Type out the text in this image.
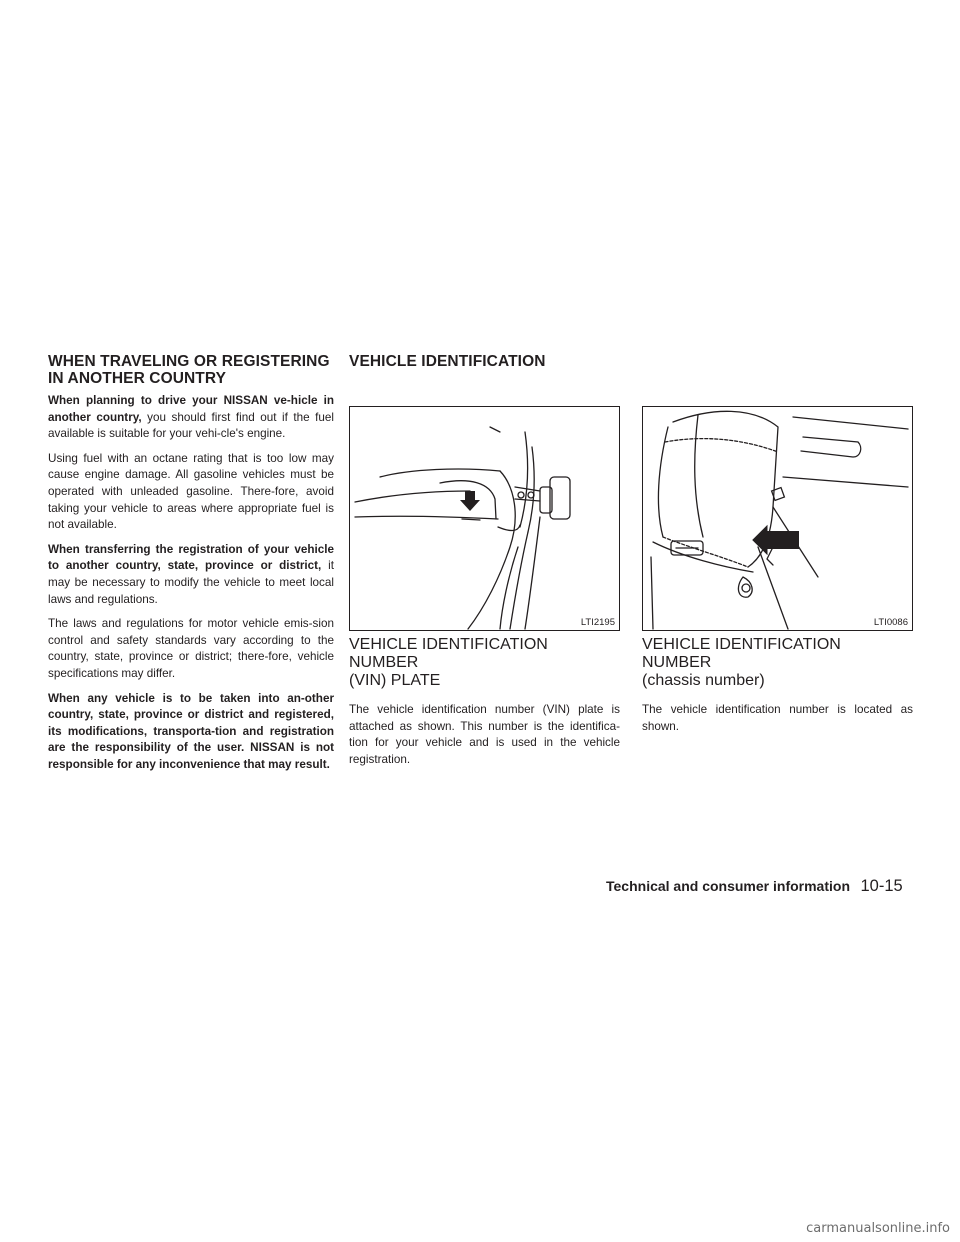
WHEN TRAVELING OR REGISTERING
IN ANOTHER COUNTRY
VEHICLE IDENTIFICATION

When planning to drive your NISSAN ve-hicle in another country, you should first find out if the fuel available is suitable for your vehi-cle's engine.

Using fuel with an octane rating that is too low may cause engine damage. All gasoline vehicles must be operated with unleaded gasoline. There-fore, avoid taking your vehicle to areas where appropriate fuel is not available.

When transferring the registration of your vehicle to another country, state, province or district, it may be necessary to modify the vehicle to meet local laws and regulations.

The laws and regulations for motor vehicle emis-sion control and safety standards vary according to the country, state, province or district; there-fore, vehicle specifications may differ.

When any vehicle is to be taken into an-other country, state, province or district and registered, its modifications, transporta-tion and registration are the responsibility of the user. NISSAN is not responsible for any inconvenience that may result.

LTI2195	LTI0086
VEHICLE IDENTIFICATION NUMBER
(VIN) PLATE

The vehicle identification number (VIN) plate is attached as shown. This number is the identifica-tion for your vehicle and is used in the vehicle registration.

VEHICLE IDENTIFICATION NUMBER
(chassis number)

The vehicle identification number is located as shown.

Technical and consumer information 10-15
carmanualsonline.info
